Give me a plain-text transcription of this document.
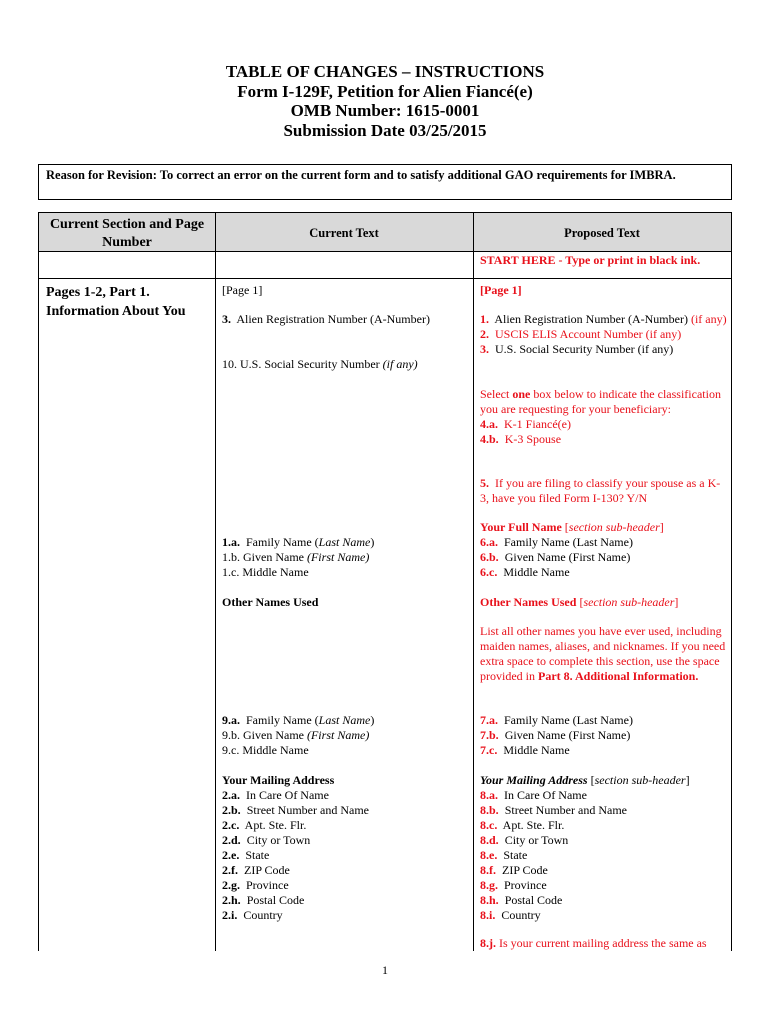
TABLE OF CHANGES – INSTRUCTIONS
Form I-129F, Petition for Alien Fiancé(e)
OMB Number: 1615-0001
Submission Date 03/25/2015
Reason for Revision: To correct an error on the current form and to satisfy additional GAO requirements for IMBRA.
Current Section and Page Number
Current Text	Proposed Text
START HERE - Type or print in black ink.
Pages 1-2, Part 1. Information About You
[Page 1]
3. Alien Registration Number (A-Number)
10. U.S. Social Security Number (if any)
1.a. Family Name (Last Name)
1.b. Given Name (First Name)
1.c. Middle Name
Other Names Used
9.a. Family Name (Last Name)
9.b. Given Name (First Name)
9.c. Middle Name
Your Mailing Address
2.a. In Care Of Name
2.b. Street Number and Name
2.c. Apt. Ste. Flr.
2.d. City or Town
2.e. State
2.f. ZIP Code
2.g. Province
2.h. Postal Code
2.i. Country
[Page 1]
1. Alien Registration Number (A-Number) (if any)
2. USCIS ELIS Account Number (if any)
3. U.S. Social Security Number (if any)
Select one box below to indicate the classification you are requesting for your beneficiary:
4.a. K-1 Fiancé(e)
4.b. K-3 Spouse
5. If you are filing to classify your spouse as a K-3, have you filed Form I-130? Y/N
Your Full Name [section sub-header]
6.a. Family Name (Last Name)
6.b. Given Name (First Name)
6.c. Middle Name
Other Names Used [section sub-header]
List all other names you have ever used, including maiden names, aliases, and nicknames. If you need extra space to complete this section, use the space provided in Part 8. Additional Information.
7.a. Family Name (Last Name)
7.b. Given Name (First Name)
7.c. Middle Name
Your Mailing Address [section sub-header]
8.a. In Care Of Name
8.b. Street Number and Name
8.c. Apt. Ste. Flr.
8.d. City or Town
8.e. State
8.f. ZIP Code
8.g. Province
8.h. Postal Code
8.i. Country
8.j. Is your current mailing address the same as
1
